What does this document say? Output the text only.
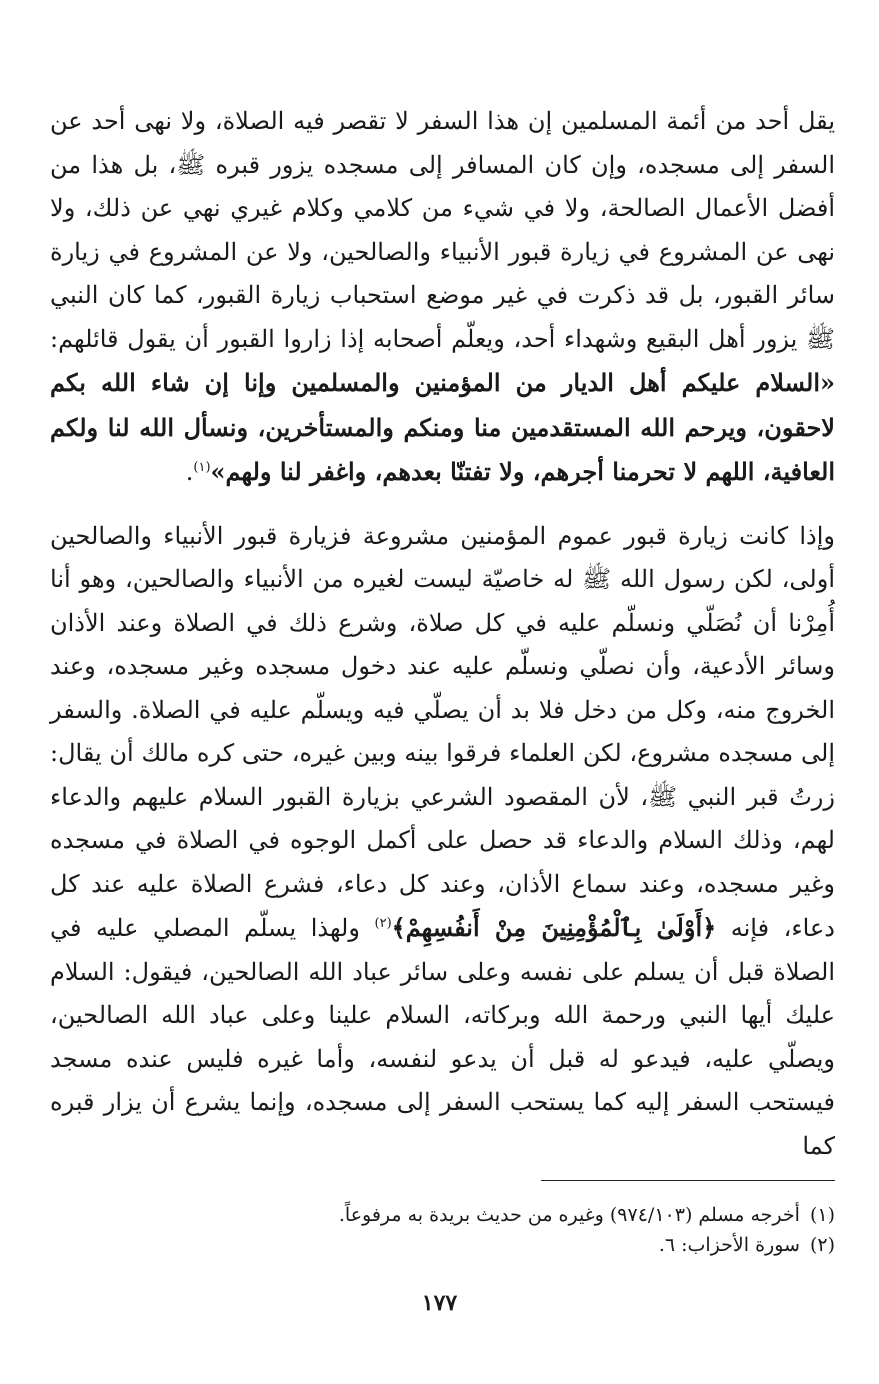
يقل أحد من أئمة المسلمين إن هذا السفر لا تقصر فيه الصلاة، ولا نهى أحد عن السفر إلى مسجده، وإن كان المسافر إلى مسجده يزور قبره ﷺ، بل هذا من أفضل الأعمال الصالحة، ولا في شيء من كلامي وكلام غيري نهي عن ذلك، ولا نهى عن المشروع في زيارة قبور الأنبياء والصالحين، ولا عن المشروع في زيارة سائر القبور، بل قد ذكرت في غير موضع استحباب زيارة القبور، كما كان النبي ﷺ يزور أهل البقيع وشهداء أحد، ويعلّم أصحابه إذا زاروا القبور أن يقول قائلهم: «السلام عليكم أهل الديار من المؤمنين والمسلمين وإنا إن شاء الله بكم لاحقون، ويرحم الله المستقدمين منا ومنكم والمستأخرين، ونسأل الله لنا ولكم العافية، اللهم لا تحرمنا أجرهم، ولا تفتنّا بعدهم، واغفر لنا ولهم»$^{(١)}$.

وإذا كانت زيارة قبور عموم المؤمنين مشروعة فزيارة قبور الأنبياء والصالحين أولى، لكن رسول الله ﷺ له خاصيّة ليست لغيره من الأنبياء والصالحين، وهو أنا أُمِرْنا أن نُصَلّي ونسلّم عليه في كل صلاة، وشرع ذلك في الصلاة وعند الأذان وسائر الأدعية، وأن نصلّي ونسلّم عليه عند دخول مسجده وغير مسجده، وعند الخروج منه، وكل من دخل فلا بد أن يصلّي فيه ويسلّم عليه في الصلاة. والسفر إلى مسجده مشروع، لكن العلماء فرقوا بينه وبين غيره، حتى كره مالك أن يقال: زرتُ قبر النبي ﷺ، لأن المقصود الشرعي بزيارة القبور السلام عليهم والدعاء لهم، وذلك السلام والدعاء قد حصل على أكمل الوجوه في الصلاة في مسجده وغير مسجده، وعند سماع الأذان، وعند كل دعاء، فشرع الصلاة عليه عند كل دعاء، فإنه ﴿أَوْلَىٰ بِٱلْمُؤْمِنِينَ مِنْ أَنفُسِهِمْ﴾$^{(٢)}$ ولهذا يسلّم المصلي عليه في الصلاة قبل أن يسلم على نفسه وعلى سائر عباد الله الصالحين، فيقول: السلام عليك أيها النبي ورحمة الله وبركاته، السلام علينا وعلى عباد الله الصالحين، ويصلّي عليه، فيدعو له قبل أن يدعو لنفسه، وأما غيره فليس عنده مسجد فيستحب السفر إليه كما يستحب السفر إلى مسجده، وإنما يشرع أن يزار قبره كما

(١)أخرجه مسلم (٩٧٤/١٠٣) وغيره من حديث بريدة به مرفوعاً.
(٢)سورة الأحزاب: ٦.
١٧٧
